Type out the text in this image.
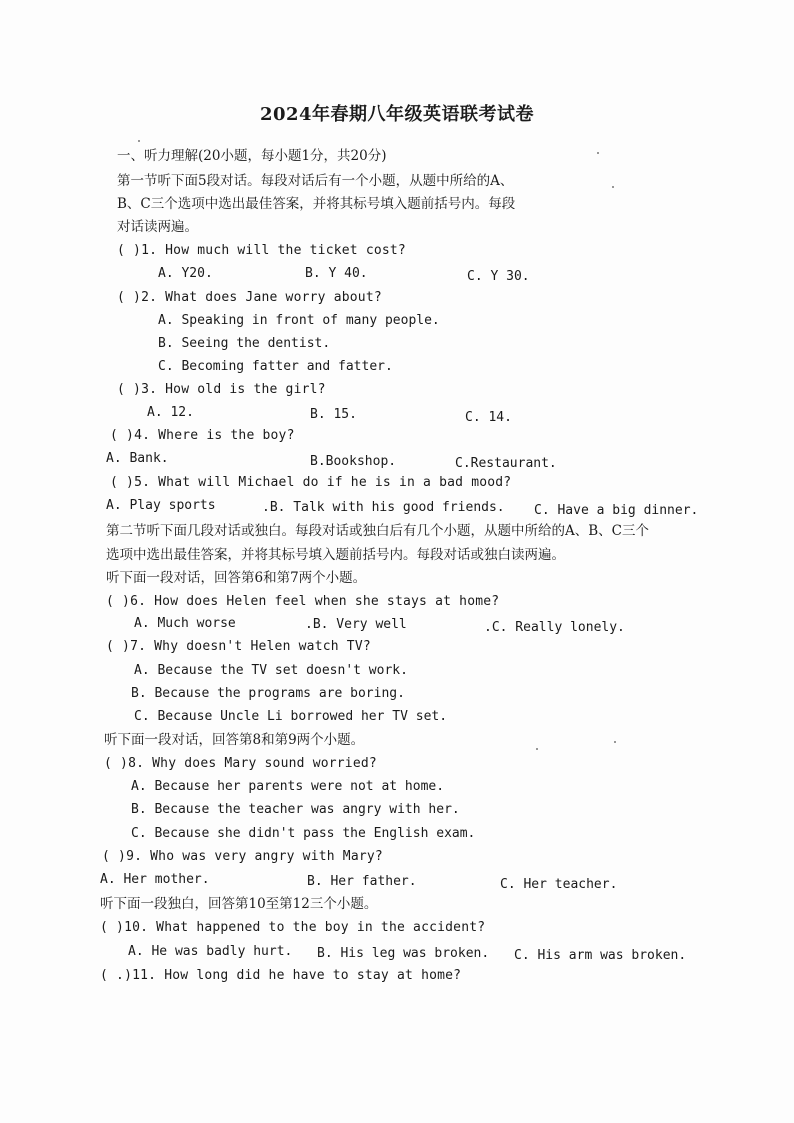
2024年春期八年级英语联考试卷
一、听力理解(20小题，每小题1分，共20分)
第一节听下面5段对话。每段对话后有一个小题，从题中所给的A、
B、C三个选项中选出最佳答案，并将其标号填入题前括号内。每段
对话读两遍。
( )1. How much will the ticket cost?
A. Y20.	B. Y 40.	C. Y 30.
( )2. What does Jane worry about?
A. Speaking in front of many people.
B. Seeing the dentist.
C. Becoming fatter and fatter.
( )3. How old is the girl?
A. 12.	B. 15.	C. 14.
( )4. Where is the boy?
A. Bank.	B.Bookshop.	C.Restaurant.
( )5. What will Michael do if he is in a bad mood?
A. Play sports	.B. Talk with his good friends. C. Have a big dinner.
第二节听下面几段对话或独白。每段对话或独白后有几个小题，从题中所给的A、B、C三个
选项中选出最佳答案，并将其标号填入题前括号内。每段对话或独白读两遍。
听下面一段对话，回答第6和第7两个小题。
( )6. How does Helen feel when she stays at home?
A. Much worse	.B. Very well	.C. Really lonely.
( )7. Why doesn't Helen watch TV?
A. Because the TV set doesn't work.
B. Because the programs are boring.
C. Because Uncle Li borrowed her TV set.
听下面一段对话，回答第8和第9两个小题。
( )8. Why does Mary sound worried?
A. Because her parents were not at home.
B. Because the teacher was angry with her.
C. Because she didn't pass the English exam.
( )9. Who was very angry with Mary?
A. Her mother.	B. Her father.	C. Her teacher.
听下面一段独白，回答第10至第12三个小题。
( )10. What happened to the boy in the accident?
A. He was badly hurt. B. His leg was broken. C. His arm was broken.
( .)11. How long did he have to stay at home?
